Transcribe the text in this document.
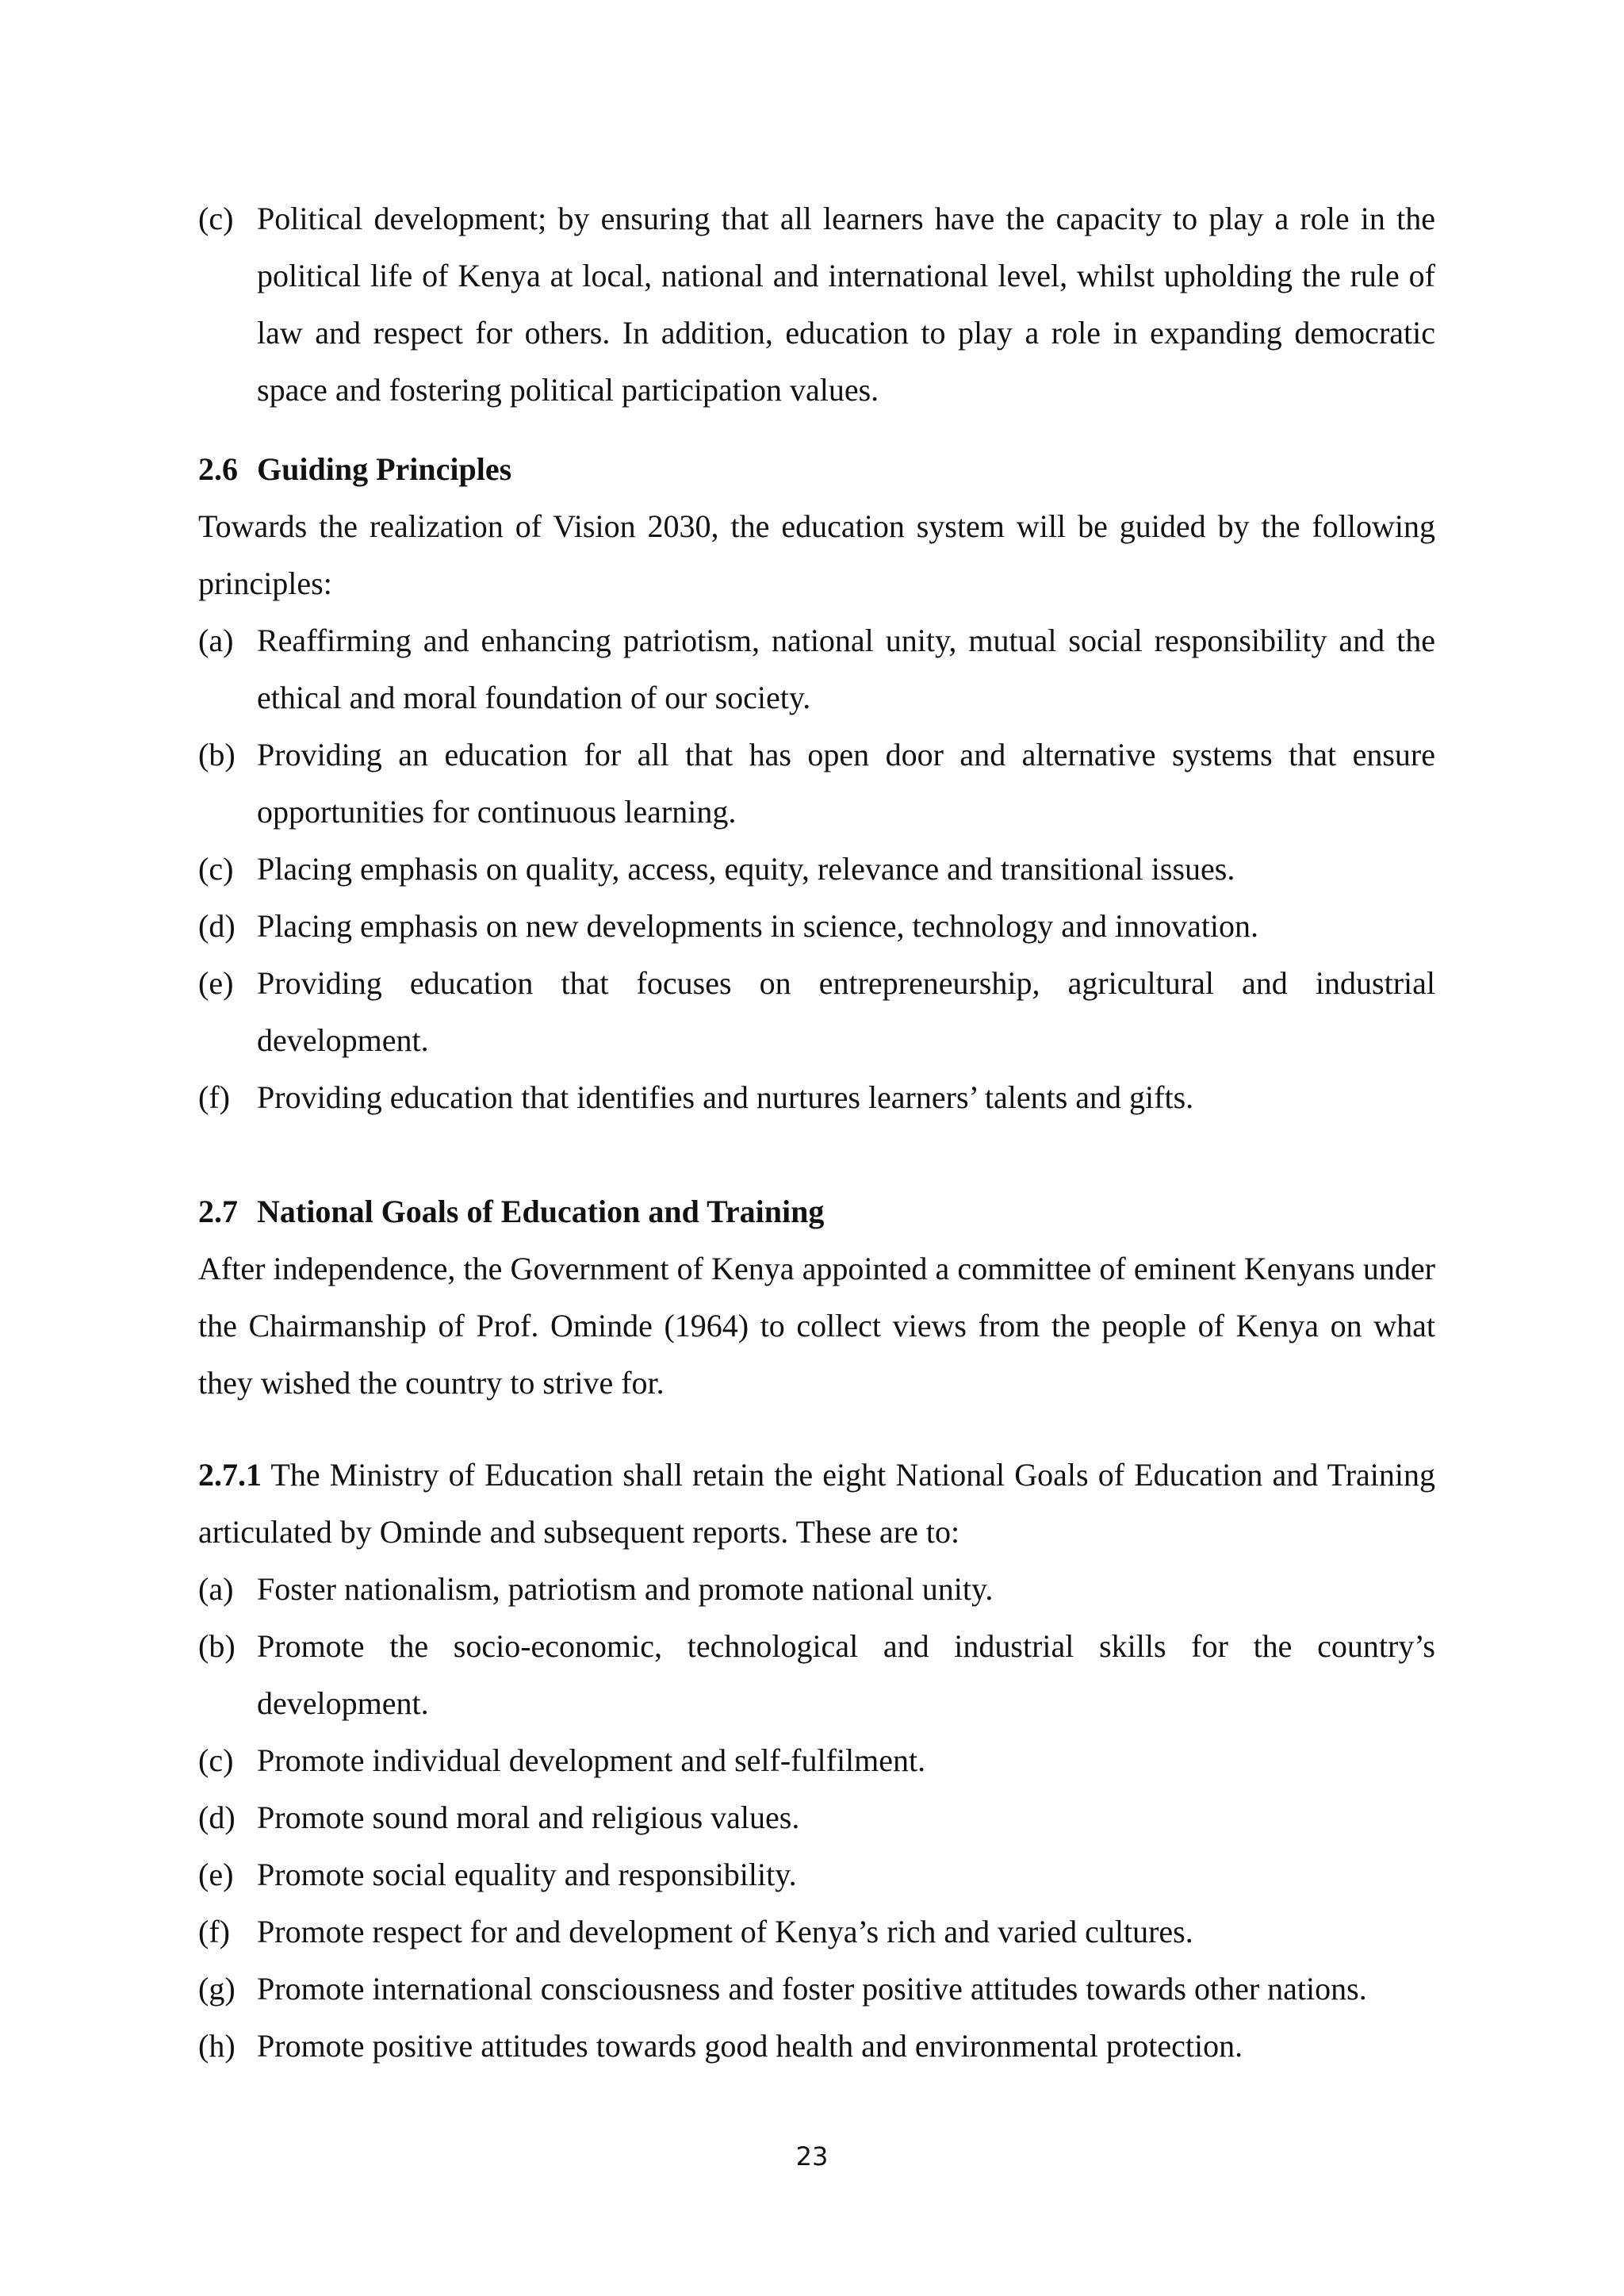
(c) Political development; by ensuring that all learners have the capacity to play a role in the political life of Kenya at local, national and international level, whilst upholding the rule of law and respect for others. In addition, education to play a role in expanding democratic space and fostering political participation values.
2.6 Guiding Principles
Towards the realization of Vision 2030, the education system will be guided by the following principles:
(a) Reaffirming and enhancing patriotism, national unity, mutual social responsibility and the ethical and moral foundation of our society.
(b) Providing an education for all that has open door and alternative systems that ensure opportunities for continuous learning.
(c) Placing emphasis on quality, access, equity, relevance and transitional issues.
(d) Placing emphasis on new developments in science, technology and innovation.
(e) Providing education that focuses on entrepreneurship, agricultural and industrial development.
(f) Providing education that identifies and nurtures learners’ talents and gifts.
2.7 National Goals of Education and Training
After independence, the Government of Kenya appointed a committee of eminent Kenyans under the Chairmanship of Prof. Ominde (1964) to collect views from the people of Kenya on what they wished the country to strive for.
2.7.1 The Ministry of Education shall retain the eight National Goals of Education and Training articulated by Ominde and subsequent reports. These are to:
(a) Foster nationalism, patriotism and promote national unity.
(b) Promote the socio-economic, technological and industrial skills for the country’s development.
(c) Promote individual development and self-fulfilment.
(d) Promote sound moral and religious values.
(e) Promote social equality and responsibility.
(f) Promote respect for and development of Kenya’s rich and varied cultures.
(g) Promote international consciousness and foster positive attitudes towards other nations.
(h) Promote positive attitudes towards good health and environmental protection.
23
